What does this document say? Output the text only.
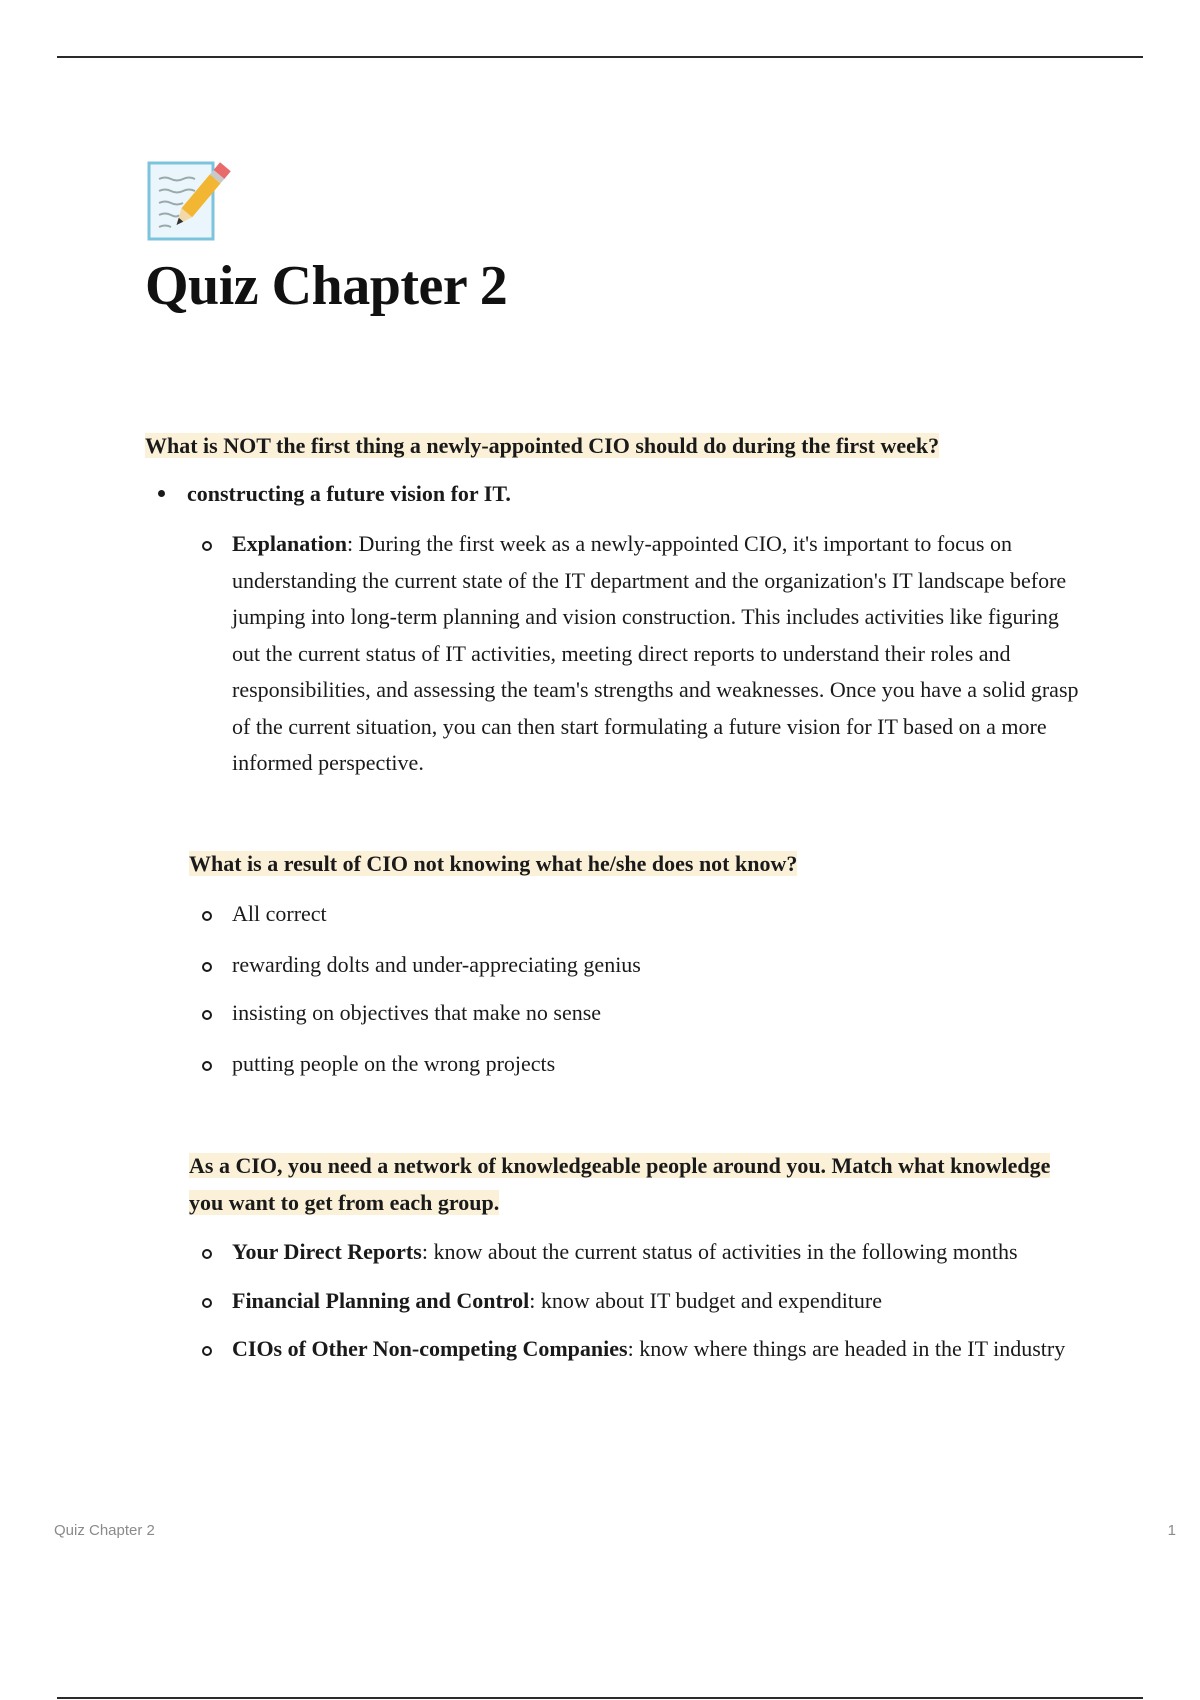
Quiz Chapter 2

What is NOT the first thing a newly-appointed CIO should do during the first week?

constructing a future vision for IT.
Explanation: During the first week as a newly-appointed CIO, it's important to focus on understanding the current state of the IT department and the organization's IT landscape before jumping into long-term planning and vision construction. This includes activities like figuring out the current status of IT activities, meeting direct reports to understand their roles and responsibilities, and assessing the team's strengths and weaknesses. Once you have a solid grasp of the current situation, you can then start formulating a future vision for IT based on a more informed perspective.

What is a result of CIO not knowing what he/she does not know?

All correct
rewarding dolts and under-appreciating genius
insisting on objectives that make no sense
putting people on the wrong projects

As a CIO, you need a network of knowledgeable people around you. Match what knowledge you want to get from each group.

Your Direct Reports: know about the current status of activities in the following months
Financial Planning and Control: know about IT budget and expenditure
CIOs of Other Non-competing Companies: know where things are headed in the IT industry
Quiz Chapter 2	1
